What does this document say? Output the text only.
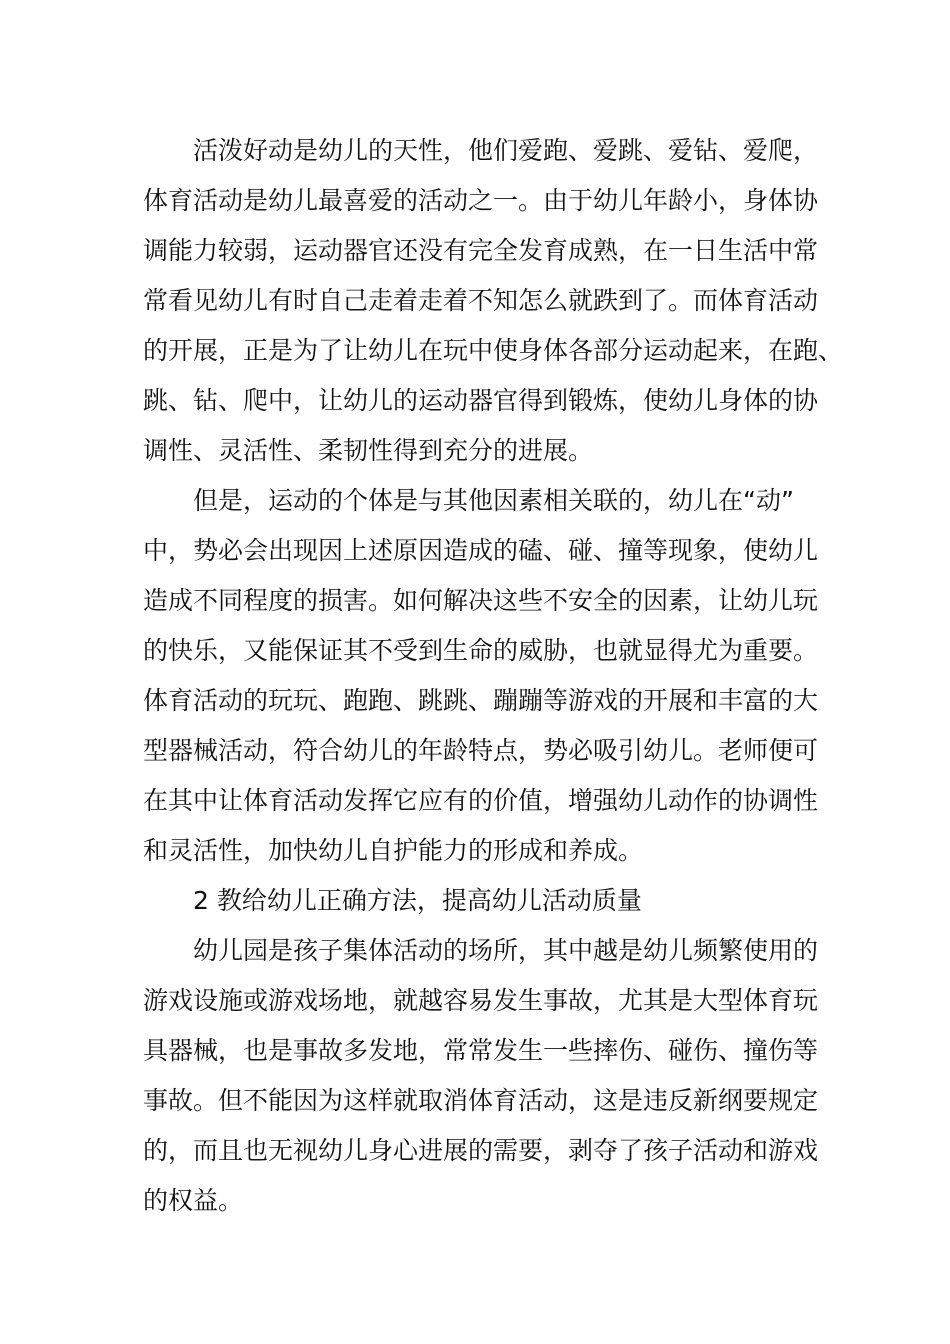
活泼好动是幼儿的天性，他们爱跑、爱跳、爱钻、爱爬，
体育活动是幼儿最喜爱的活动之一。由于幼儿年龄小，身体协
调能力较弱，运动器官还没有完全发育成熟，在一日生活中常
常看见幼儿有时自己走着走着不知怎么就跌到了。而体育活动
的开展，正是为了让幼儿在玩中使身体各部分运动起来，在跑、
跳、钻、爬中，让幼儿的运动器官得到锻炼，使幼儿身体的协
调性、灵活性、柔韧性得到充分的进展。
但是，运动的个体是与其他因素相关联的，幼儿在“动”
中，势必会出现因上述原因造成的磕、碰、撞等现象，使幼儿
造成不同程度的损害。如何解决这些不安全的因素，让幼儿玩
的快乐，又能保证其不受到生命的威胁，也就显得尤为重要。
体育活动的玩玩、跑跑、跳跳、蹦蹦等游戏的开展和丰富的大
型器械活动，符合幼儿的年龄特点，势必吸引幼儿。老师便可
在其中让体育活动发挥它应有的价值，增强幼儿动作的协调性
和灵活性，加快幼儿自护能力的形成和养成。
2 教给幼儿正确方法，提高幼儿活动质量
幼儿园是孩子集体活动的场所，其中越是幼儿频繁使用的
游戏设施或游戏场地，就越容易发生事故，尤其是大型体育玩
具器械，也是事故多发地，常常发生一些摔伤、碰伤、撞伤等
事故。但不能因为这样就取消体育活动，这是违反新纲要规定
的，而且也无视幼儿身心进展的需要，剥夺了孩子活动和游戏
的权益。
